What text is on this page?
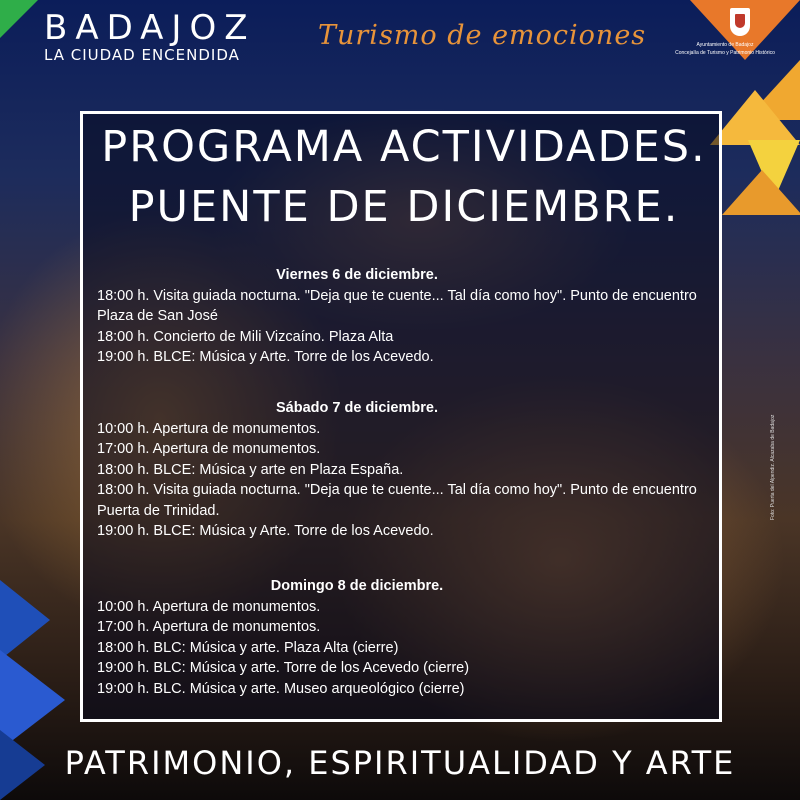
BADAJOZ
LA CIUDAD ENCENDIDA
Turismo de emociones	Ayuntamiento de Badajoz
Concejalía de Turismo y Patrimonio Histórico
PROGRAMA ACTIVIDADES.
PUENTE DE DICIEMBRE.

Viernes 6 de diciembre.

18:00 h. Visita guiada nocturna. "Deja que te cuente... Tal día como hoy". Punto de encuentro Plaza de San José

18:00 h. Concierto de Mili Vizcaíno. Plaza Alta

19:00 h. BLCE: Música y Arte. Torre de los Acevedo.

Sábado 7 de diciembre.

10:00 h. Apertura de monumentos.

17:00 h. Apertura de monumentos.

18:00 h. BLCE: Música y arte en Plaza España.

18:00 h. Visita guiada nocturna. "Deja que te cuente... Tal día como hoy". Punto de encuentro Puerta de Trinidad.

19:00 h. BLCE: Música y Arte. Torre de los Acevedo.

Domingo 8 de diciembre.

10:00 h. Apertura de monumentos.

17:00 h. Apertura de monumentos.

18:00 h. BLC: Música y arte. Plaza Alta (cierre)

19:00 h. BLC: Música y arte. Torre de los Acevedo (cierre)

19:00 h. BLC. Música y arte. Museo arqueológico (cierre)

PATRIMONIO, ESPIRITUALIDAD Y ARTE
Foto: Puerta del Alpendiz. Alcazaba de Badajoz
